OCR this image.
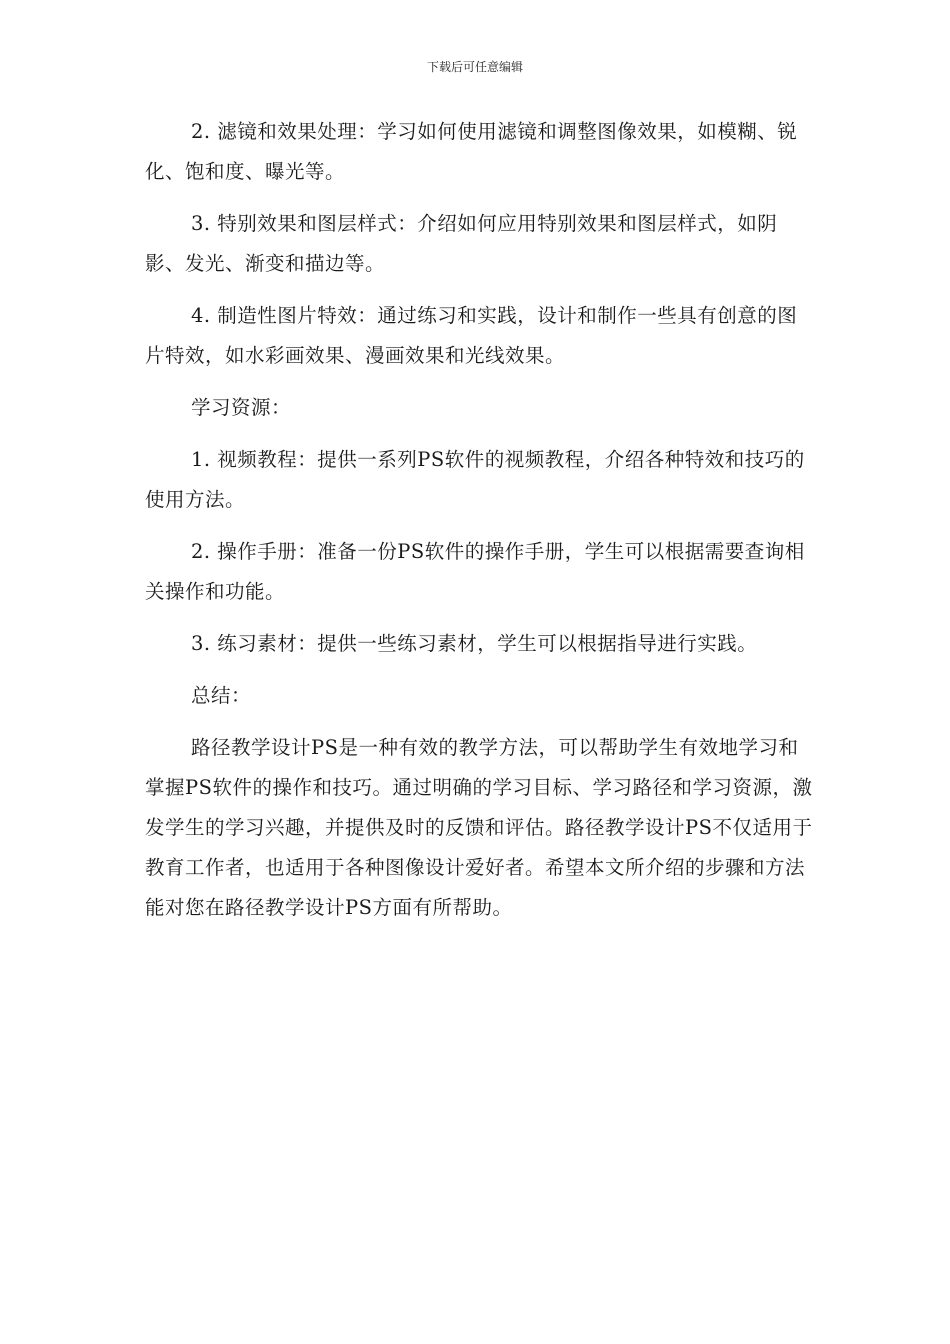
下载后可任意编辑

2. 滤镜和效果处理：学习如何使用滤镜和调整图像效果，如模糊、锐化、饱和度、曝光等。

3. 特别效果和图层样式：介绍如何应用特别效果和图层样式，如阴影、发光、渐变和描边等。

4. 制造性图片特效：通过练习和实践，设计和制作一些具有创意的图片特效，如水彩画效果、漫画效果和光线效果。

学习资源：

1. 视频教程：提供一系列PS软件的视频教程，介绍各种特效和技巧的使用方法。

2. 操作手册：准备一份PS软件的操作手册，学生可以根据需要查询相关操作和功能。

3. 练习素材：提供一些练习素材，学生可以根据指导进行实践。

总结：

路径教学设计PS是一种有效的教学方法，可以帮助学生有效地学习和掌握PS软件的操作和技巧。通过明确的学习目标、学习路径和学习资源，激发学生的学习兴趣，并提供及时的反馈和评估。路径教学设计PS不仅适用于教育工作者，也适用于各种图像设计爱好者。希望本文所介绍的步骤和方法能对您在路径教学设计PS方面有所帮助。
